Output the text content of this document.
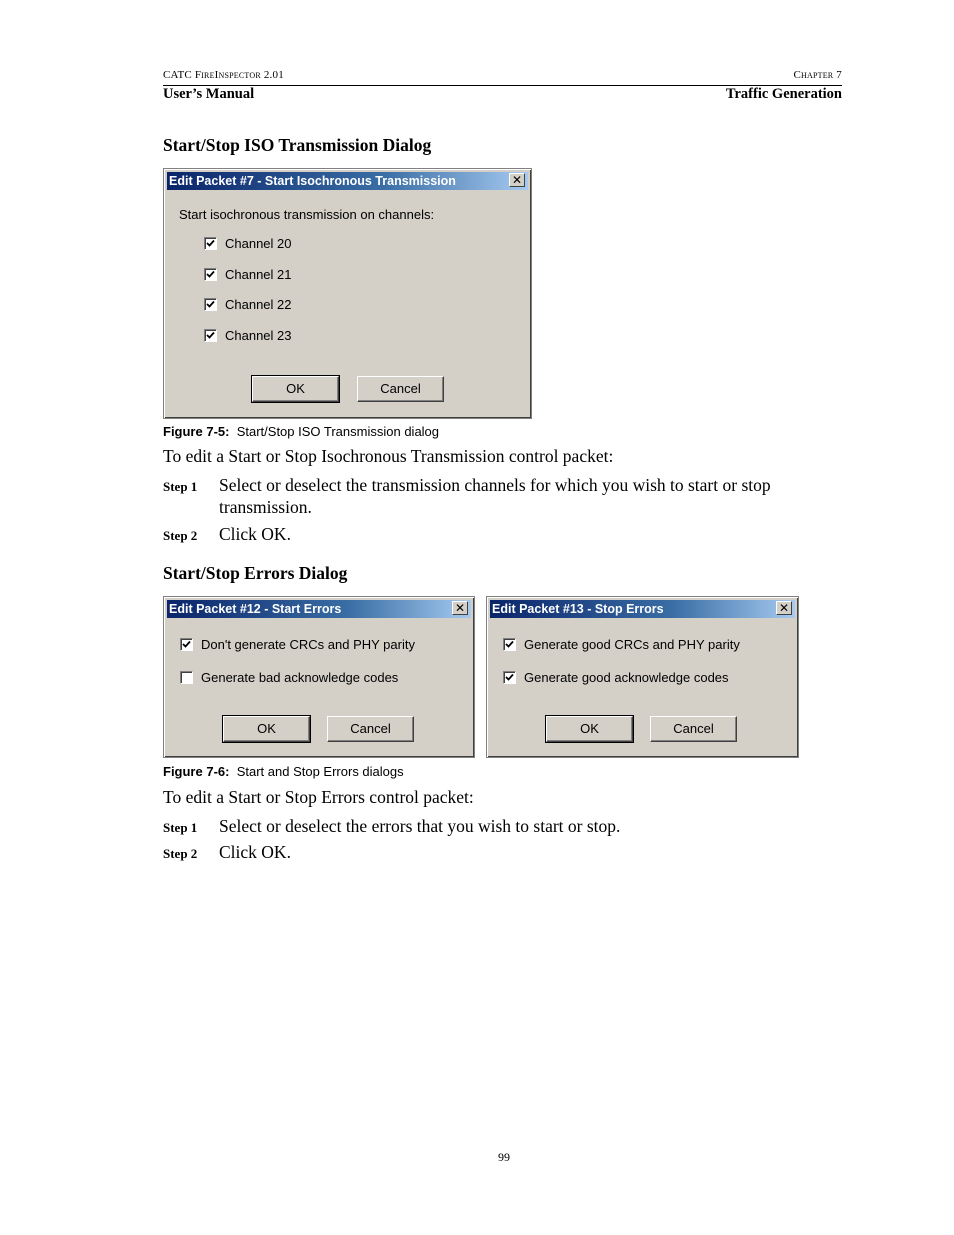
CATC FireInspector 2.01	Chapter 7
User’s Manual	Traffic Generation
Start/Stop ISO Transmission Dialog
Edit Packet #7 - Start Isochronous Transmission	✕
Start isochronous transmission on channels:
Channel 20
Channel 21
Channel 22
Channel 23
OK	Cancel
Figure 7-5: Start/Stop ISO Transmission dialog
To edit a Start or Stop Isochronous Transmission control packet:
Step 1 Select or deselect the transmission channels for which you wish to start or stop transmission.
Step 2 Click OK.
Start/Stop Errors Dialog
Edit Packet #12 - Start Errors	✕
Don't generate CRCs and PHY parity
Generate bad acknowledge codes
OK	Cancel
Edit Packet #13 - Stop Errors	✕
Generate good CRCs and PHY parity
Generate good acknowledge codes
OK	Cancel
Figure 7-6: Start and Stop Errors dialogs
To edit a Start or Stop Errors control packet:
Step 1 Select or deselect the errors that you wish to start or stop.
Step 2 Click OK.
99
